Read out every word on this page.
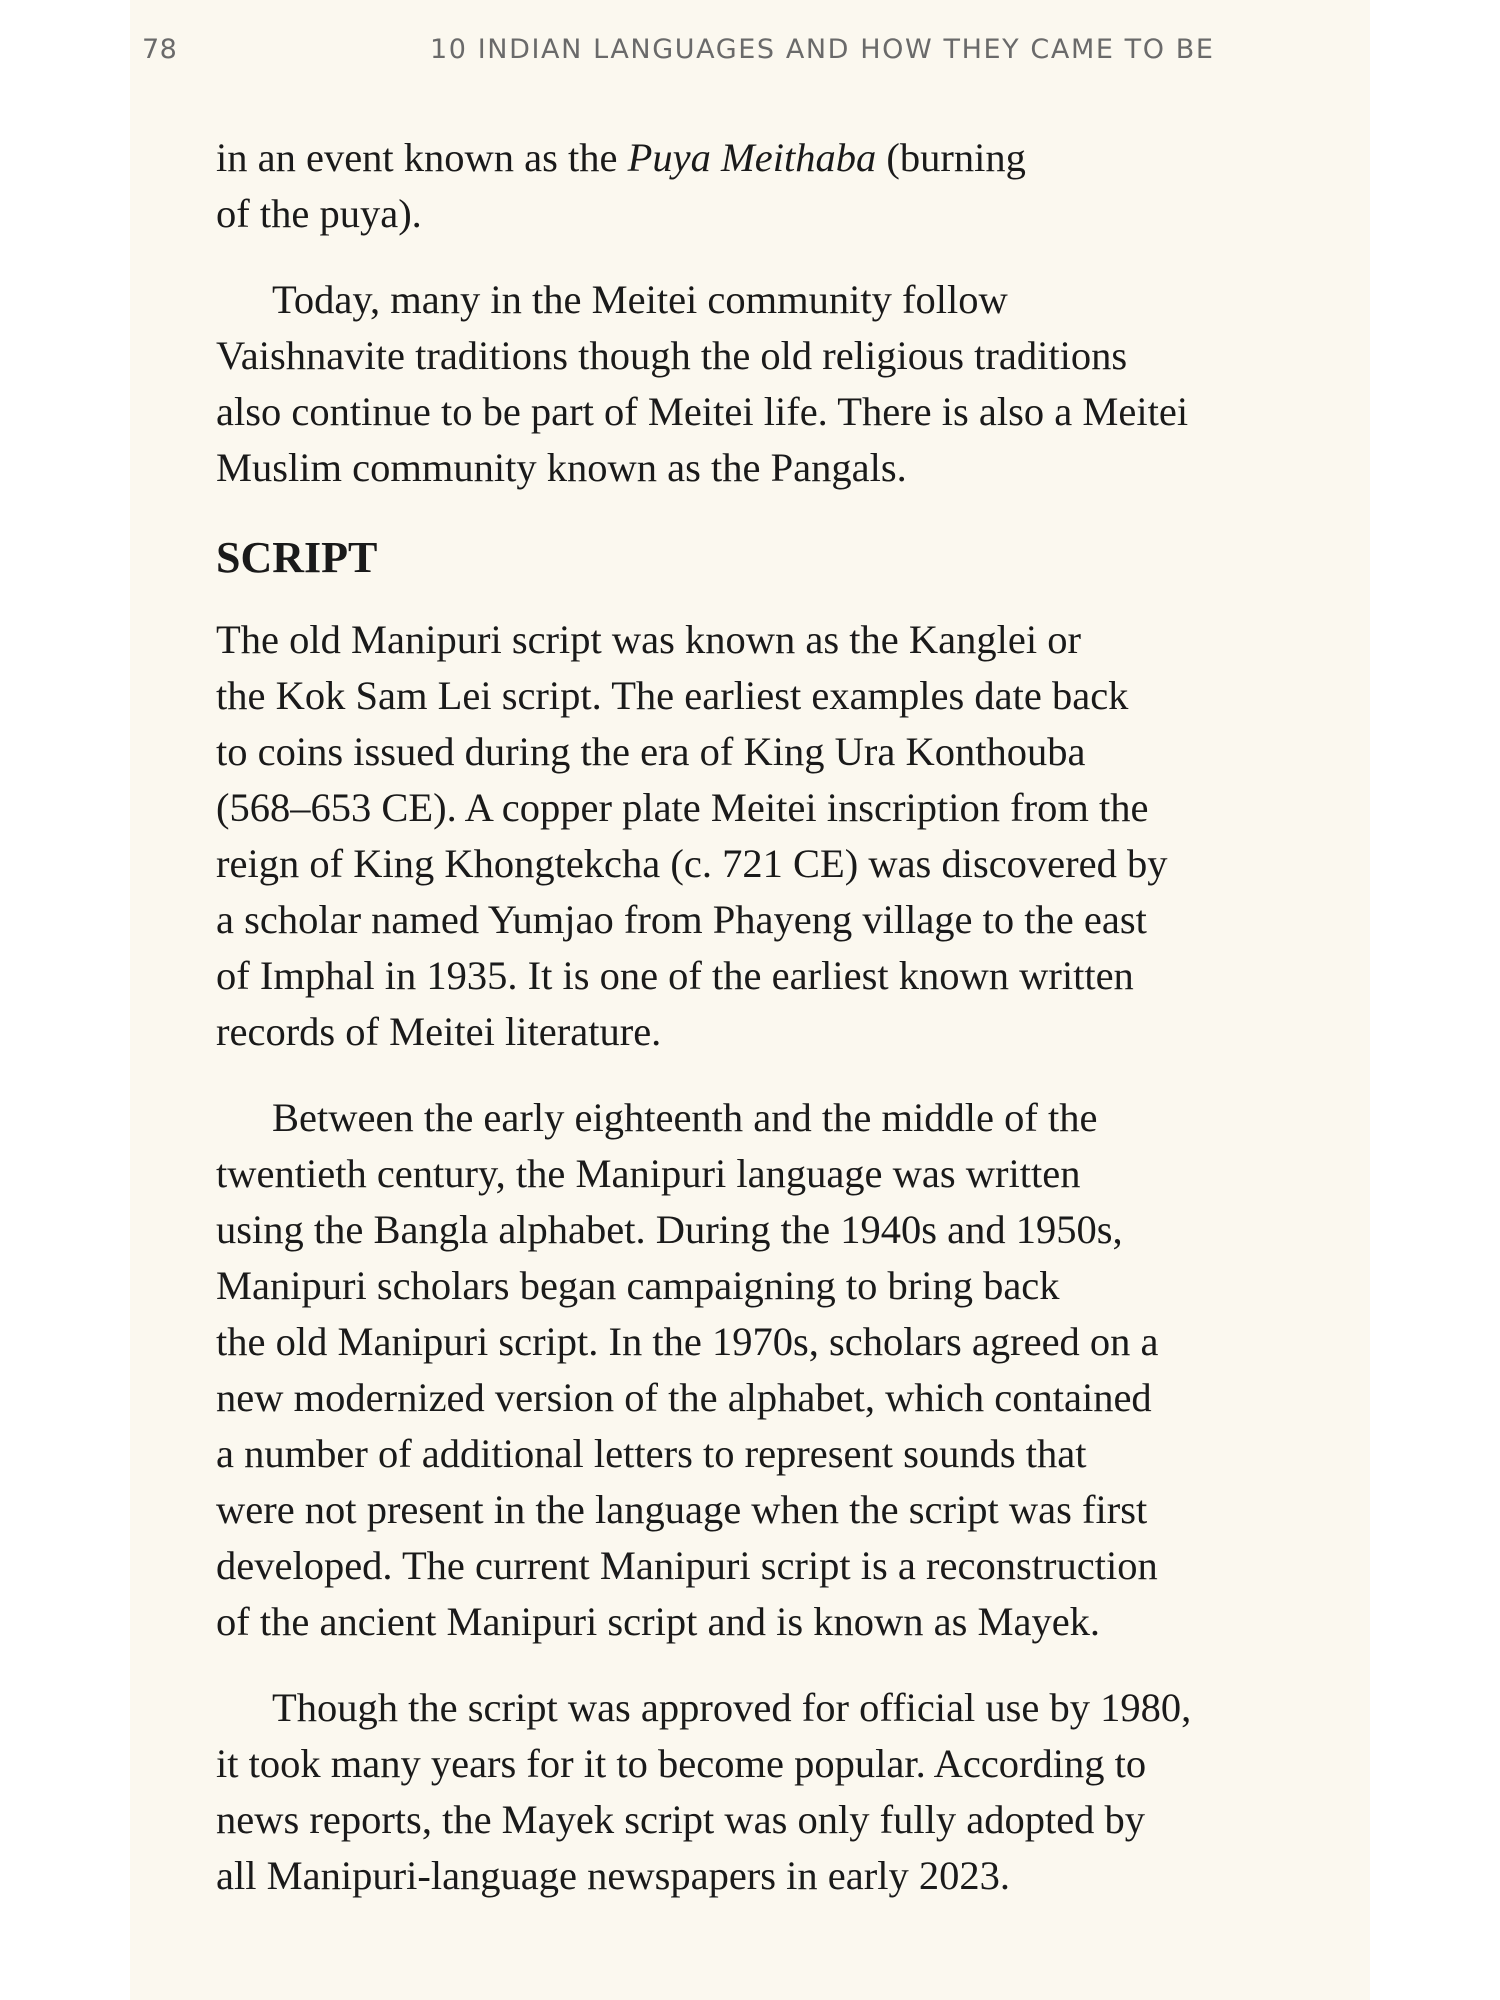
78	10 INDIAN LANGUAGES AND HOW THEY CAME TO BE

in an event known as the Puya Meithaba (burning
of the puya).

Today, many in the Meitei community follow
Vaishnavite traditions though the old religious traditions
also continue to be part of Meitei life. There is also a Meitei
Muslim community known as the Pangals.

SCRIPT

The old Manipuri script was known as the Kanglei or
the Kok Sam Lei script. The earliest examples date back
to coins issued during the era of King Ura Konthouba
(568–653 CE). A copper plate Meitei inscription from the
reign of King Khongtekcha (c. 721 CE) was discovered by
a scholar named Yumjao from Phayeng village to the east
of Imphal in 1935. It is one of the earliest known written
records of Meitei literature.

Between the early eighteenth and the middle of the
twentieth century, the Manipuri language was written
using the Bangla alphabet. During the 1940s and 1950s,
Manipuri scholars began campaigning to bring back
the old Manipuri script. In the 1970s, scholars agreed on a
new modernized version of the alphabet, which contained
a number of additional letters to represent sounds that
were not present in the language when the script was first
developed. The current Manipuri script is a reconstruction
of the ancient Manipuri script and is known as Mayek.

Though the script was approved for official use by 1980,
it took many years for it to become popular. According to
news reports, the Mayek script was only fully adopted by
all Manipuri-language newspapers in early 2023.
